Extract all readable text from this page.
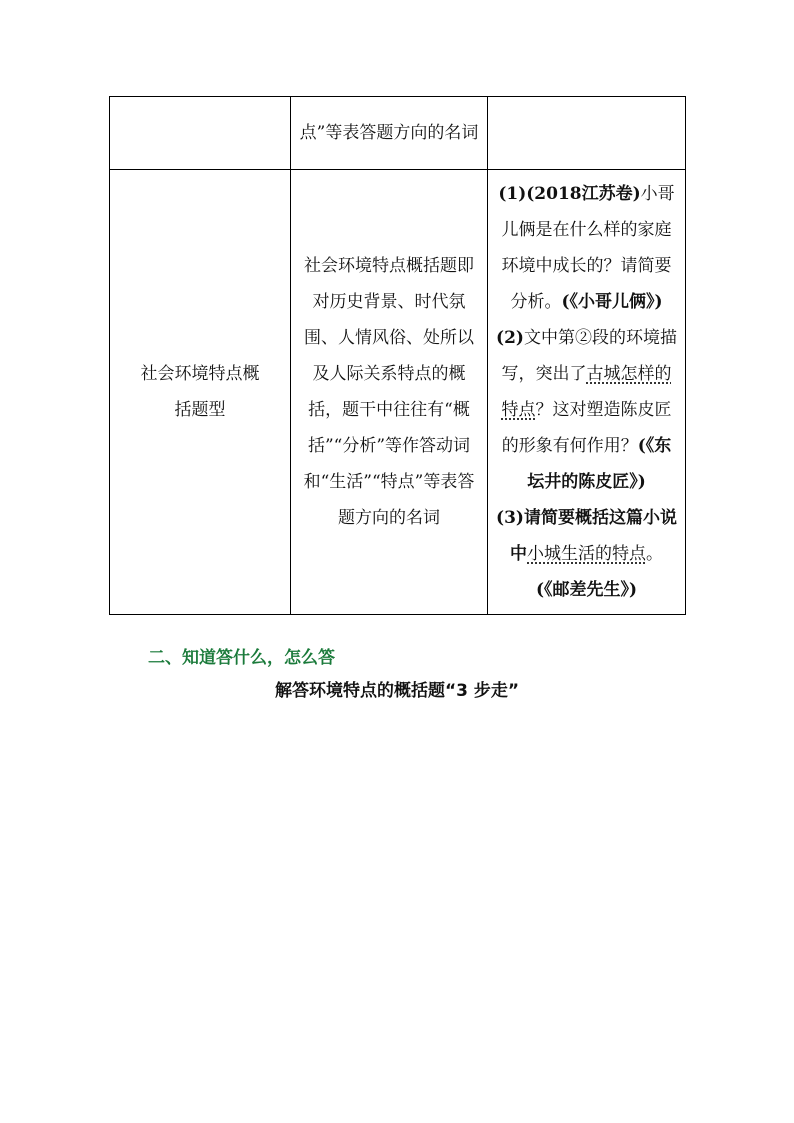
	点”等表答题方向的名词	

社会环境特点概括题型	社会环境特点概括题即对历史背景、时代氛围、人情风俗、处所以及人际关系特点的概括，题干中往往有“概括”“分析”等作答动词和“生活”“特点”等表答题方向的名词	(1)(2018江苏卷)小哥儿俩是在什么样的家庭环境中成长的？请简要分析。(《小哥儿俩》)
(2)文中第②段的环境描写，突出了古城怎样的特点？这对塑造陈皮匠的形象有何作用？(《东坛井的陈皮匠》)
(3)请简要概括这篇小说中小城生活的特点。(《邮差先生》)
二、知道答什么，怎么答
解答环境特点的概括题“3 步走”
